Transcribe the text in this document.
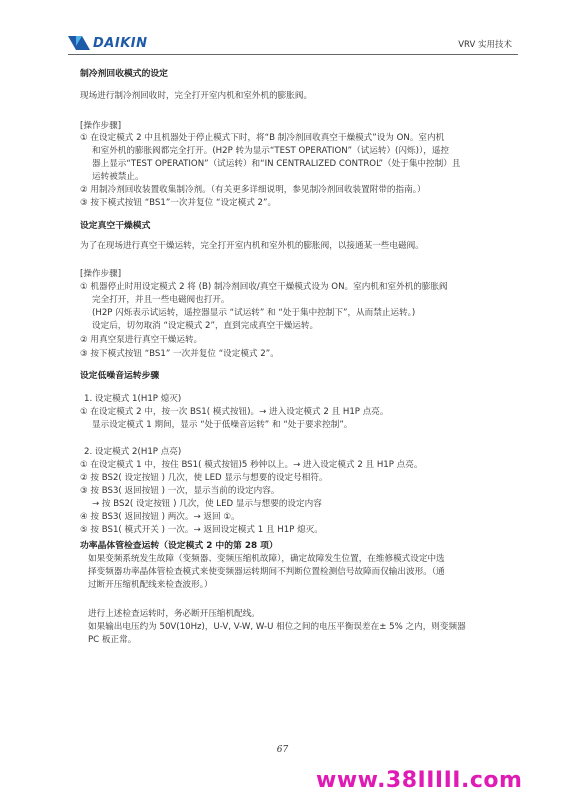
DAIKIN	VRV 实用技术
制冷剂回收模式的设定
现场进行制冷剂回收时，完全打开室内机和室外机的膨胀阀。
[操作步骤]
① 在设定模式 2 中且机器处于停止模式下时，将“B 制冷剂回收真空干燥模式”设为 ON。室内机
和室外机的膨胀阀都完全打开。(H2P 转为显示“TEST OPERATION”（试运转）(闪烁)），遥控
器上显示“TEST OPERATION”（试运转）和“IN CENTRALIZED CONTROL”（处于集中控制）且
运转被禁止。
② 用制冷剂回收装置收集制冷剂。（有关更多详细说明，参见制冷剂回收装置附带的指南。）
③ 按下模式按钮 “BS1”一次并复位 “设定模式 2”。
设定真空干燥模式
为了在现场进行真空干燥运转，完全打开室内机和室外机的膨胀阀，以接通某一些电磁阀。
[操作步骤]
① 机器停止时用设定模式 2 将 (B) 制冷剂回收/真空干燥模式设为 ON。室内机和室外机的膨胀阀
完全打开，并且一些电磁阀也打开。
(H2P 闪烁表示试运转，遥控器显示 “试运转” 和 “处于集中控制下”，从而禁止运转。)
设定后，切勿取消 “设定模式 2”，直到完成真空干燥运转。
② 用真空泵进行真空干燥运转。
③ 按下模式按钮 “BS1” 一次并复位 “设定模式 2”。
设定低噪音运转步骤
1. 设定模式 1(H1P 熄灭)
① 在设定模式 2 中，按一次 BS1( 模式按钮)。→ 进入设定模式 2 且 H1P 点亮。
显示设定模式 1 期间，显示 “处于低噪音运转” 和 “处于要求控制”。
2. 设定模式 2(H1P 点亮)
① 在设定模式 1 中，按住 BS1( 模式按钮)5 秒钟以上。→ 进入设定模式 2 且 H1P 点亮。
② 按 BS2( 设定按钮 ) 几次，使 LED 显示与想要的设定号相符。
③ 按 BS3( 返回按钮 ) 一次，显示当前的设定内容。
→ 按 BS2( 设定按钮 ) 几次，使 LED 显示与想要的设定内容
④ 按 BS3( 返回按钮 ) 两次。→ 返回 ①。
⑤ 按 BS1( 模式开关 ) 一次。→ 返回设定模式 1 且 H1P 熄灭。
功率晶体管检查运转（设定模式 2 中的第 28 项）
如果变频系统发生故障（变频器、变频压缩机故障），确定故障发生位置，在维修模式设定中选
择变频器功率晶体管检查模式来使变频器运转期间不判断位置检测信号故障而仅输出波形。（通
过断开压缩机配线来检查波形。）
进行上述检查运转时，务必断开压缩机配线。
如果输出电压约为 50V(10Hz)，U-V, V-W, W-U 相位之间的电压平衡误差在± 5% 之内，则变频器
PC 板正常。
67
www.38IIIII.com
